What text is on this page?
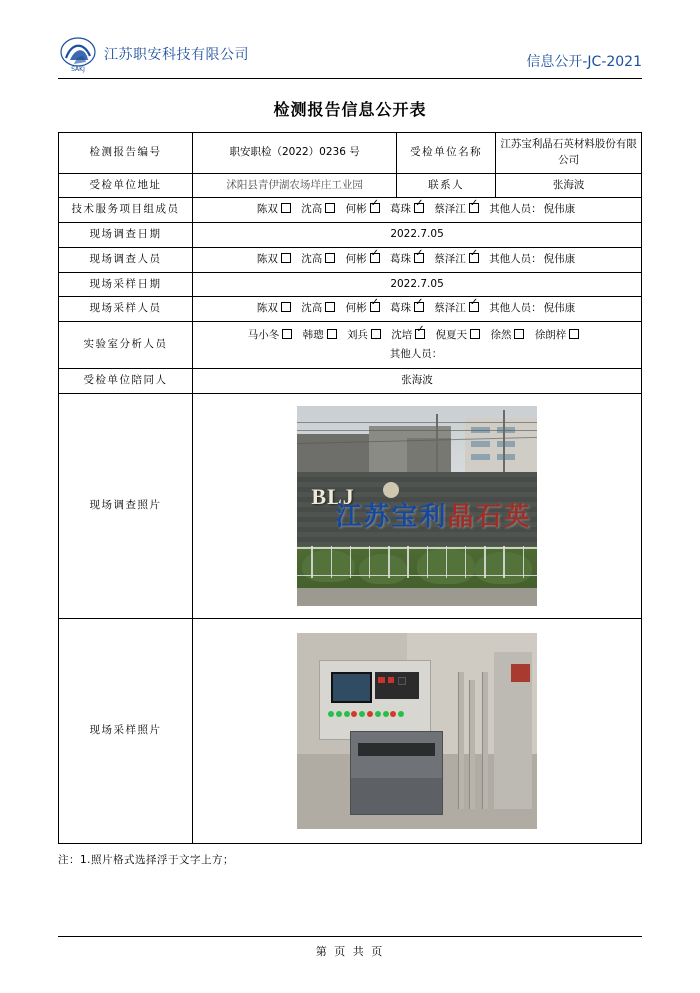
SAKJ
江苏职安科技有限公司	信息公开-JC-2021
检测报告信息公开表
检测报告编号	职安职检（2022）0236 号	受检单位名称	江苏宝利晶石英材料股份有限公司
受检单位地址	沭阳县青伊湖农场垟庄工业园	联系人	张海波
技术服务项目组成员	陈双 沈高 何彬 ✓ 葛珠 ✓ 蔡泽江 ✓ 其他人员： 倪伟康
现场调查日期	2022.7.05		
现场调查人员	陈双 沈高 何彬 ✓ 葛珠 ✓ 蔡泽江 ✓ 其他人员： 倪伟康
现场采样日期	2022.7.05		
现场采样人员	陈双 沈高 何彬 ✓ 葛珠 ✓ 蔡泽江 ✓ 其他人员： 倪伟康
实验室分析人员	马小冬 韩璁 刘兵 沈培 ✓ 倪夏天 徐然 徐朗梓
其他人员：
受检单位陪同人	张海波		
现场调查照片	BLJ
江苏宝利晶石英		

现场采样照片			
注：1.照片格式选择浮于文字上方；
第 页 共 页
